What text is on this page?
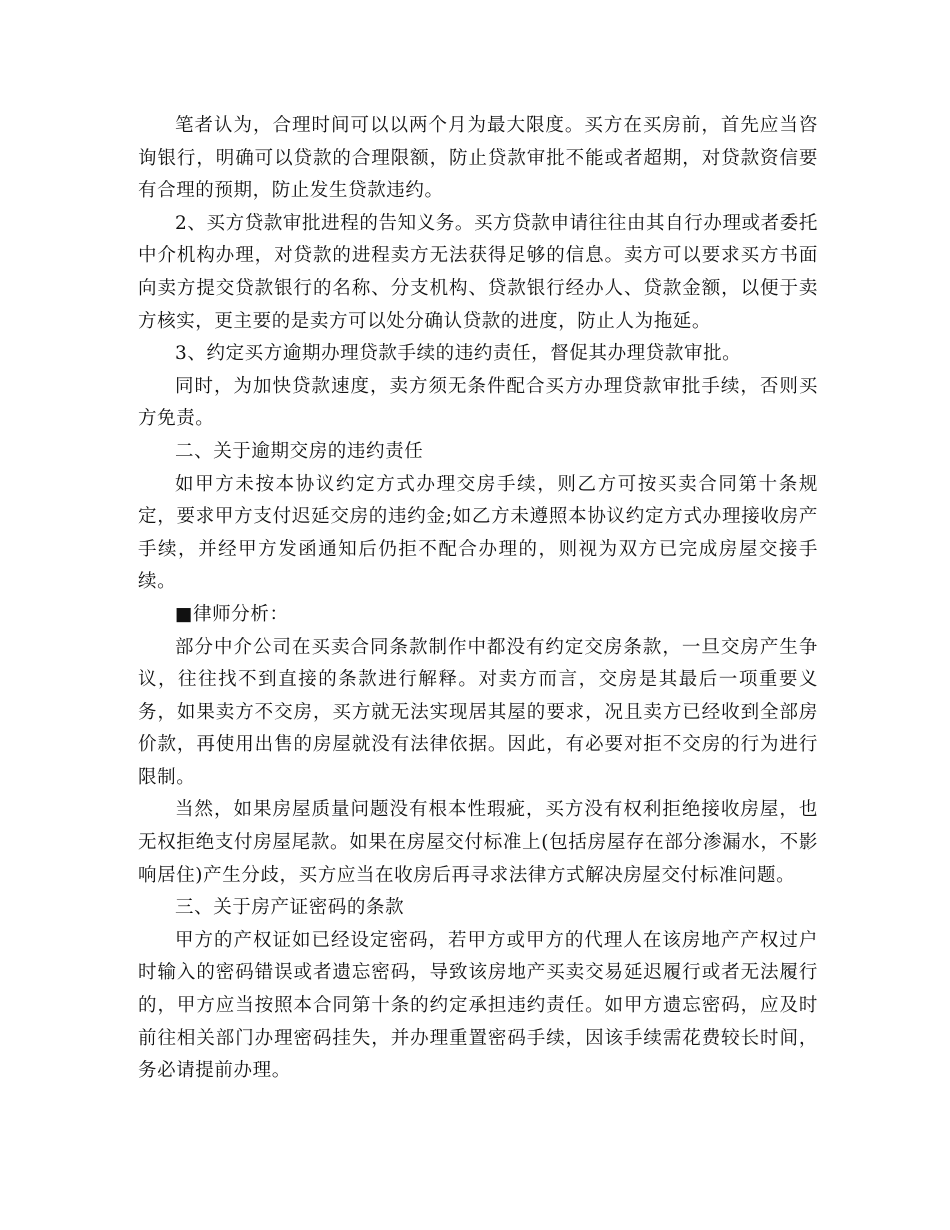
笔者认为，合理时间可以以两个月为最大限度。买方在买房前，首先应当咨询银行，明确可以贷款的合理限额，防止贷款审批不能或者超期，对贷款资信要有合理的预期，防止发生贷款违约。

2、买方贷款审批进程的告知义务。买方贷款申请往往由其自行办理或者委托中介机构办理，对贷款的进程卖方无法获得足够的信息。卖方可以要求买方书面向卖方提交贷款银行的名称、分支机构、贷款银行经办人、贷款金额，以便于卖方核实，更主要的是卖方可以处分确认贷款的进度，防止人为拖延。

3、约定买方逾期办理贷款手续的违约责任，督促其办理贷款审批。

同时，为加快贷款速度，卖方须无条件配合买方办理贷款审批手续，否则买方免责。

二、关于逾期交房的违约责任

如甲方未按本协议约定方式办理交房手续，则乙方可按买卖合同第十条规定，要求甲方支付迟延交房的违约金;如乙方未遵照本协议约定方式办理接收房产手续，并经甲方发函通知后仍拒不配合办理的，则视为双方已完成房屋交接手续。

■律师分析：

部分中介公司在买卖合同条款制作中都没有约定交房条款，一旦交房产生争议，往往找不到直接的条款进行解释。对卖方而言，交房是其最后一项重要义务，如果卖方不交房，买方就无法实现居其屋的要求，况且卖方已经收到全部房价款，再使用出售的房屋就没有法律依据。因此，有必要对拒不交房的行为进行限制。

当然，如果房屋质量问题没有根本性瑕疵，买方没有权利拒绝接收房屋，也无权拒绝支付房屋尾款。如果在房屋交付标准上(包括房屋存在部分渗漏水，不影响居住)产生分歧，买方应当在收房后再寻求法律方式解决房屋交付标准问题。

三、关于房产证密码的条款

甲方的产权证如已经设定密码，若甲方或甲方的代理人在该房地产产权过户时输入的密码错误或者遗忘密码，导致该房地产买卖交易延迟履行或者无法履行的，甲方应当按照本合同第十条的约定承担违约责任。如甲方遗忘密码，应及时前往相关部门办理密码挂失，并办理重置密码手续，因该手续需花费较长时间，务必请提前办理。
